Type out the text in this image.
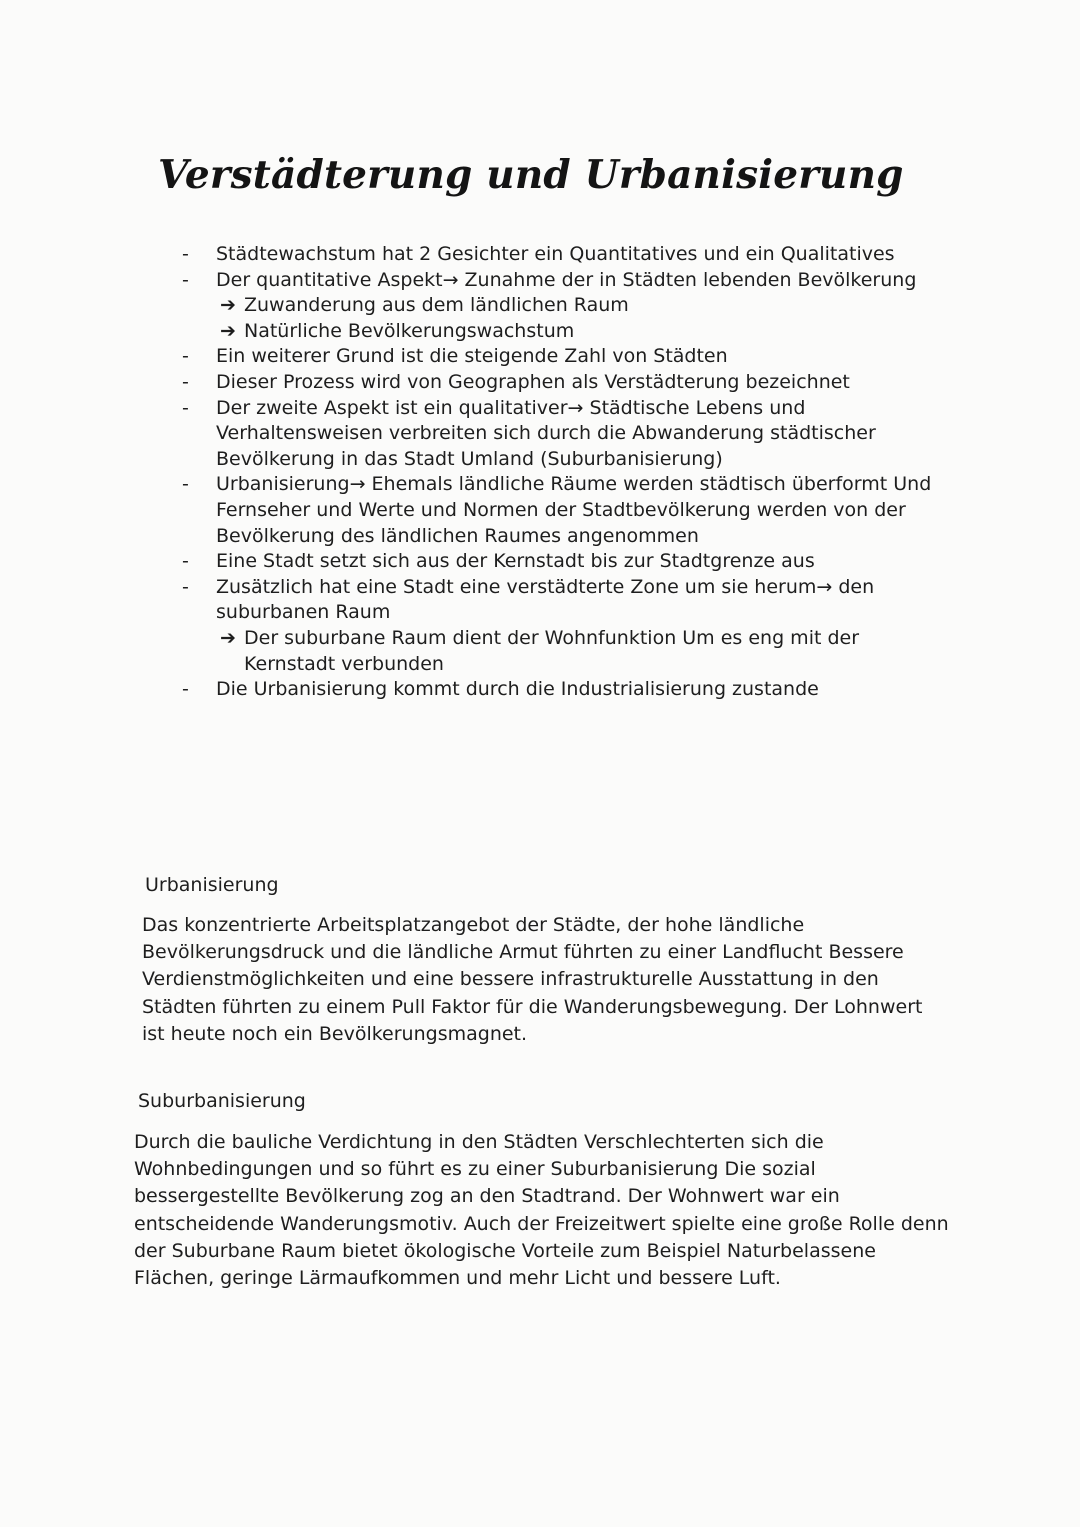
Verstädterung und Urbanisierung
- Städtewachstum hat 2 Gesichter ein Quantitatives und ein Qualitatives
- Der quantitative Aspekt→ Zunahme der in Städten lebenden Bevölkerung
➔ Zuwanderung aus dem ländlichen Raum
➔ Natürliche Bevölkerungswachstum
- Ein weiterer Grund ist die steigende Zahl von Städten
- Dieser Prozess wird von Geographen als Verstädterung bezeichnet
- Der zweite Aspekt ist ein qualitativer→ Städtische Lebens und Verhaltensweisen verbreiten sich durch die Abwanderung städtischer Bevölkerung in das Stadt Umland (Suburbanisierung)
- Urbanisierung→ Ehemals ländliche Räume werden städtisch überformt Und Fernseher und Werte und Normen der Stadtbevölkerung werden von der Bevölkerung des ländlichen Raumes angenommen
- Eine Stadt setzt sich aus der Kernstadt bis zur Stadtgrenze aus
- Zusätzlich hat eine Stadt eine verstädterte Zone um sie herum→ den suburbanen Raum
➔ Der suburbane Raum dient der Wohnfunktion Um es eng mit der Kernstadt verbunden
- Die Urbanisierung kommt durch die Industrialisierung zustande
Urbanisierung

Das konzentrierte Arbeitsplatzangebot der Städte, der hohe ländliche Bevölkerungsdruck und die ländliche Armut führten zu einer Landflucht Bessere Verdienstmöglichkeiten und eine bessere infrastrukturelle Ausstattung in den Städten führten zu einem Pull Faktor für die Wanderungsbewegung. Der Lohnwert ist heute noch ein Bevölkerungsmagnet.

Suburbanisierung

Durch die bauliche Verdichtung in den Städten Verschlechterten sich die Wohnbedingungen und so führt es zu einer Suburbanisierung Die sozial bessergestellte Bevölkerung zog an den Stadtrand. Der Wohnwert war ein entscheidende Wanderungsmotiv. Auch der Freizeitwert spielte eine große Rolle denn der Suburbane Raum bietet ökologische Vorteile zum Beispiel Naturbelassene Flächen, geringe Lärmaufkommen und mehr Licht und bessere Luft.
